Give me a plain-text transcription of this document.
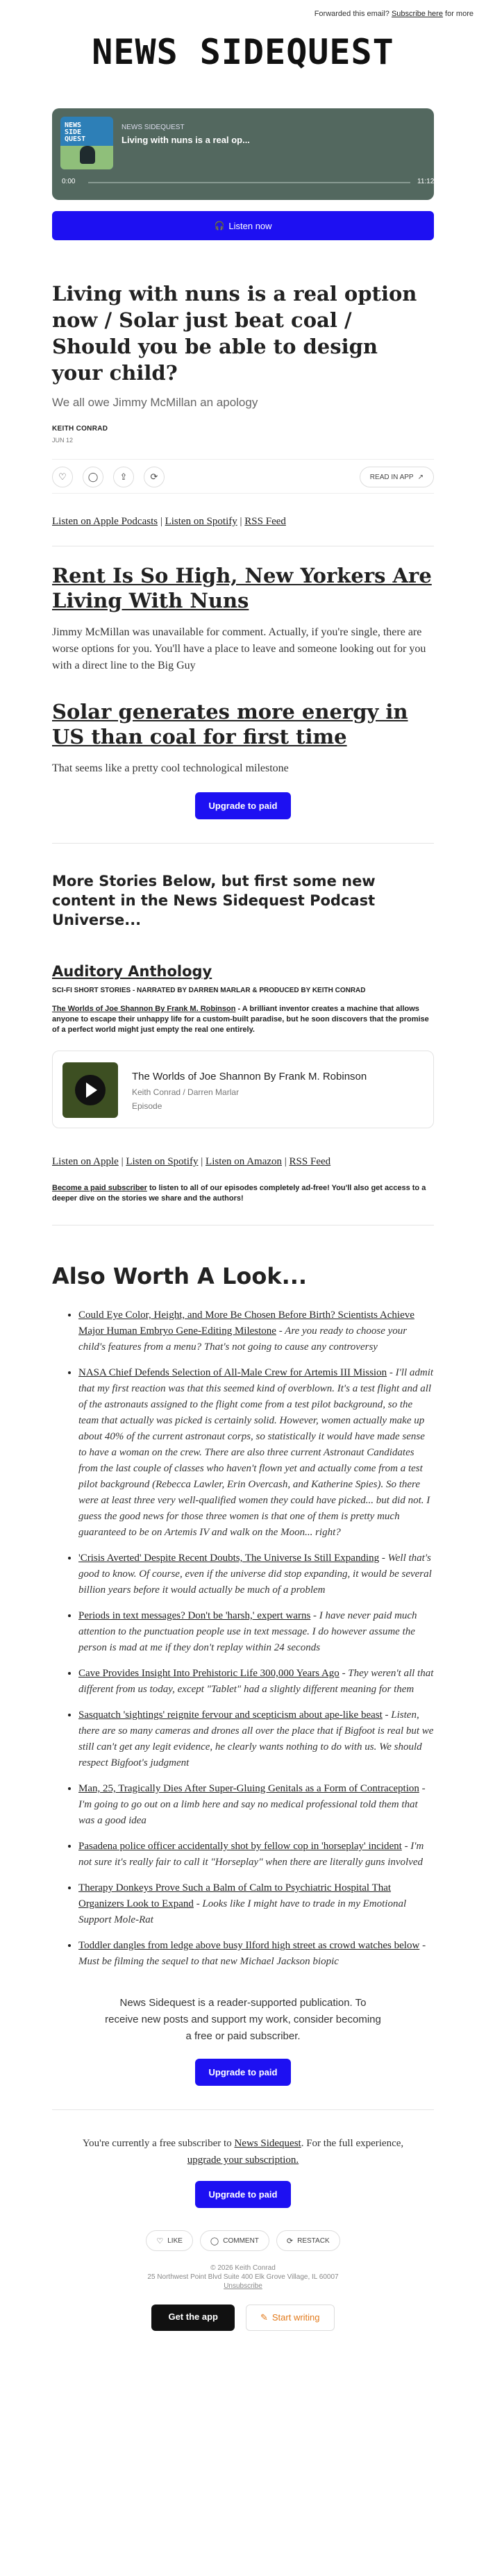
Forwarded this email? Subscribe here for more
NEWS SIDEQUEST
NEWS
SIDE
QUEST
NEWS SIDEQUEST
Living with nuns is a real op...
0:00	11:12
🎧 Listen now
Living with nuns is a real option now / Solar just beat coal / Should you be able to design your child?
We all owe Jimmy McMillan an apology
KEITH CONRAD
JUN 12
♡	◯	⇪	⟳	READ IN APP ↗
Listen on Apple Podcasts | Listen on Spotify | RSS Feed
Rent Is So High, New Yorkers Are Living With Nuns

Jimmy McMillan was unavailable for comment. Actually, if you're single, there are worse options for you. You'll have a place to leave and someone looking out for you with a direct line to the Big Guy

Solar generates more energy in US than coal for first time

That seems like a pretty cool technological milestone

Upgrade to paid
More Stories Below, but first some new content in the News Sidequest Podcast Universe...
Auditory Anthology
SCI-FI SHORT STORIES - NARRATED BY DARREN MARLAR & PRODUCED BY KEITH CONRAD
The Worlds of Joe Shannon By Frank M. Robinson - A brilliant inventor creates a machine that allows anyone to escape their unhappy life for a custom-built paradise, but he soon discovers that the promise of a perfect world might just empty the real one entirely.
The Worlds of Joe Shannon By Frank M. Robinson
Keith Conrad / Darren Marlar
Episode
Listen on Apple | Listen on Spotify | Listen on Amazon | RSS Feed
Become a paid subscriber to listen to all of our episodes completely ad-free! You'll also get access to a deeper dive on the stories we share and the authors!
Also Worth A Look...
• Could Eye Color, Height, and More Be Chosen Before Birth? Scientists Achieve Major Human Embryo Gene-Editing Milestone - Are you ready to choose your child's features from a menu? That's not going to cause any controversy
• NASA Chief Defends Selection of All-Male Crew for Artemis III Mission - I'll admit that my first reaction was that this seemed kind of overblown. It's a test flight and all of the astronauts assigned to the flight come from a test pilot background, so the team that actually was picked is certainly solid. However, women actually make up about 40% of the current astronaut corps, so statistically it would have made sense to have a woman on the crew. There are also three current Astronaut Candidates from the last couple of classes who haven't flown yet and actually come from a test pilot background (Rebecca Lawler, Erin Overcash, and Katherine Spies). So there were at least three very well-qualified women they could have picked... but did not. I guess the good news for those three women is that one of them is pretty much guaranteed to be on Artemis IV and walk on the Moon... right?
• 'Crisis Averted' Despite Recent Doubts, The Universe Is Still Expanding - Well that's good to know. Of course, even if the universe did stop expanding, it would be several billion years before it would actually be much of a problem
• Periods in text messages? Don't be 'harsh,' expert warns - I have never paid much attention to the punctuation people use in text message. I do however assume the person is mad at me if they don't replay within 24 seconds
• Cave Provides Insight Into Prehistoric Life 300,000 Years Ago - They weren't all that different from us today, except "Tablet" had a slightly different meaning for them
• Sasquatch 'sightings' reignite fervour and scepticism about ape-like beast - Listen, there are so many cameras and drones all over the place that if Bigfoot is real but we still can't get any legit evidence, he clearly wants nothing to do with us. We should respect Bigfoot's judgment
• Man, 25, Tragically Dies After Super-Gluing Genitals as a Form of Contraception - I'm going to go out on a limb here and say no medical professional told them that was a good idea
• Pasadena police officer accidentally shot by fellow cop in 'horseplay' incident - I'm not sure it's really fair to call it "Horseplay" when there are literally guns involved
• Therapy Donkeys Prove Such a Balm of Calm to Psychiatric Hospital That Organizers Look to Expand - Looks like I might have to trade in my Emotional Support Mole-Rat
• Toddler dangles from ledge above busy Ilford high street as crowd watches below - Must be filming the sequel to that new Michael Jackson biopic
News Sidequest is a reader-supported publication. To receive new posts and support my work, consider becoming a free or paid subscriber.
Upgrade to paid
You're currently a free subscriber to News Sidequest. For the full experience, upgrade your subscription.
Upgrade to paid
♡ LIKE	◯ COMMENT	⟳ RESTACK
© 2026 Keith Conrad
25 Northwest Point Blvd Suite 400 Elk Grove Village, IL 60007
Unsubscribe
Get the app	✎ Start writing
